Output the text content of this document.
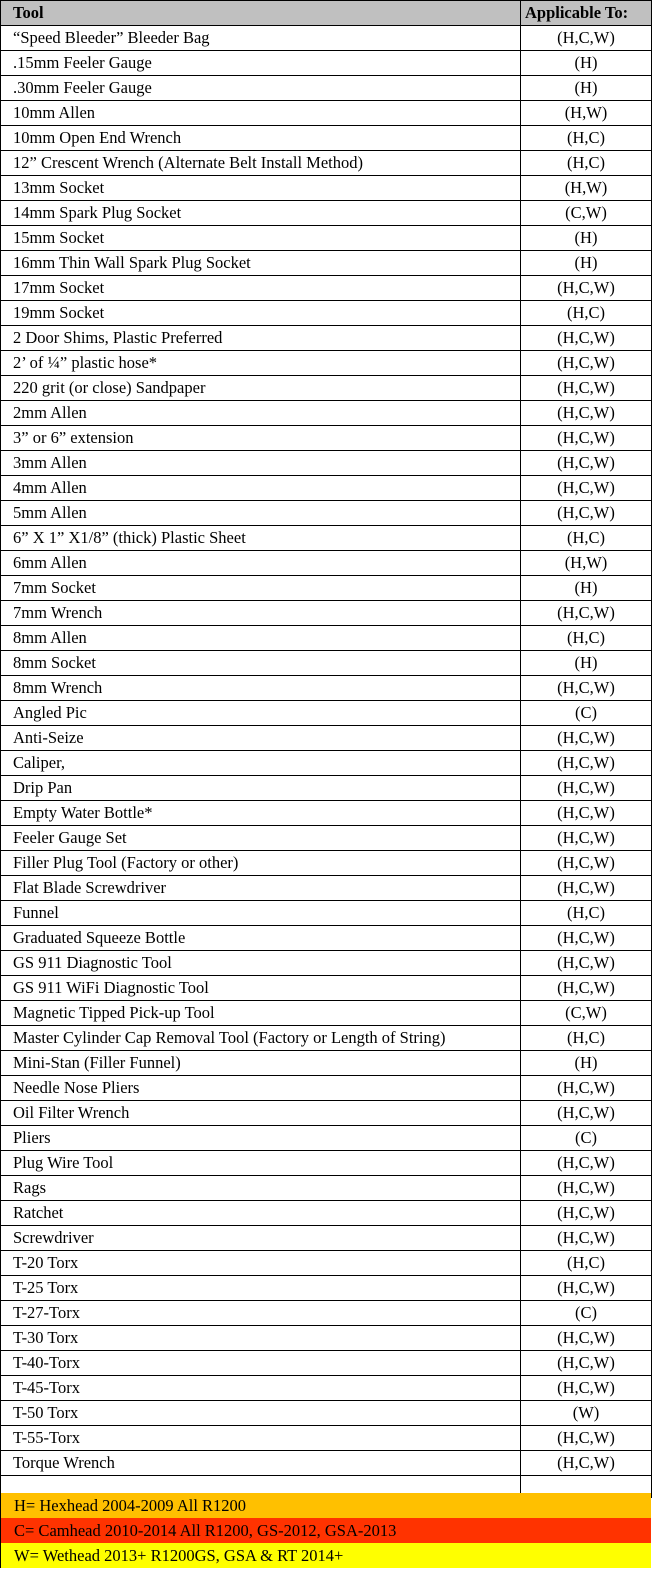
Tool	Applicable To:
“Speed Bleeder” Bleeder Bag	(H,C,W)
.15mm Feeler Gauge	(H)
.30mm Feeler Gauge	(H)
10mm Allen	(H,W)
10mm Open End Wrench	(H,C)
12” Crescent Wrench (Alternate Belt Install Method)	(H,C)
13mm Socket	(H,W)
14mm Spark Plug Socket	(C,W)
15mm Socket	(H)
16mm Thin Wall Spark Plug Socket	(H)
17mm Socket	(H,C,W)
19mm Socket	(H,C)
2 Door Shims, Plastic Preferred	(H,C,W)
2’ of ¼” plastic hose*	(H,C,W)
220 grit (or close) Sandpaper	(H,C,W)
2mm Allen	(H,C,W)
3” or 6” extension	(H,C,W)
3mm Allen	(H,C,W)
4mm Allen	(H,C,W)
5mm Allen	(H,C,W)
6” X 1” X1/8” (thick) Plastic Sheet	(H,C)
6mm Allen	(H,W)
7mm Socket	(H)
7mm Wrench	(H,C,W)
8mm Allen	(H,C)
8mm Socket	(H)
8mm Wrench	(H,C,W)
Angled Pic	(C)
Anti-Seize	(H,C,W)
Caliper,	(H,C,W)
Drip Pan	(H,C,W)
Empty Water Bottle*	(H,C,W)
Feeler Gauge Set	(H,C,W)
Filler Plug Tool (Factory or other)	(H,C,W)
Flat Blade Screwdriver	(H,C,W)
Funnel	(H,C)
Graduated Squeeze Bottle	(H,C,W)
GS 911 Diagnostic Tool	(H,C,W)
GS 911 WiFi Diagnostic Tool	(H,C,W)
Magnetic Tipped Pick-up Tool	(C,W)
Master Cylinder Cap Removal Tool (Factory or Length of String)	(H,C)
Mini-Stan (Filler Funnel)	(H)
Needle Nose Pliers	(H,C,W)
Oil Filter Wrench	(H,C,W)
Pliers	(C)
Plug Wire Tool	(H,C,W)
Rags	(H,C,W)
Ratchet	(H,C,W)
Screwdriver	(H,C,W)
T-20 Torx	(H,C)
T-25 Torx	(H,C,W)
T-27-Torx	(C)
T-30 Torx	(H,C,W)
T-40-Torx	(H,C,W)
T-45-Torx	(H,C,W)
T-50 Torx	(W)
T-55-Torx	(H,C,W)
Torque Wrench	(H,C,W)

H= Hexhead 2004-2009 All R1200
C= Camhead 2010-2014 All R1200, GS-2012, GSA-2013
W= Wethead 2013+ R1200GS, GSA & RT 2014+
